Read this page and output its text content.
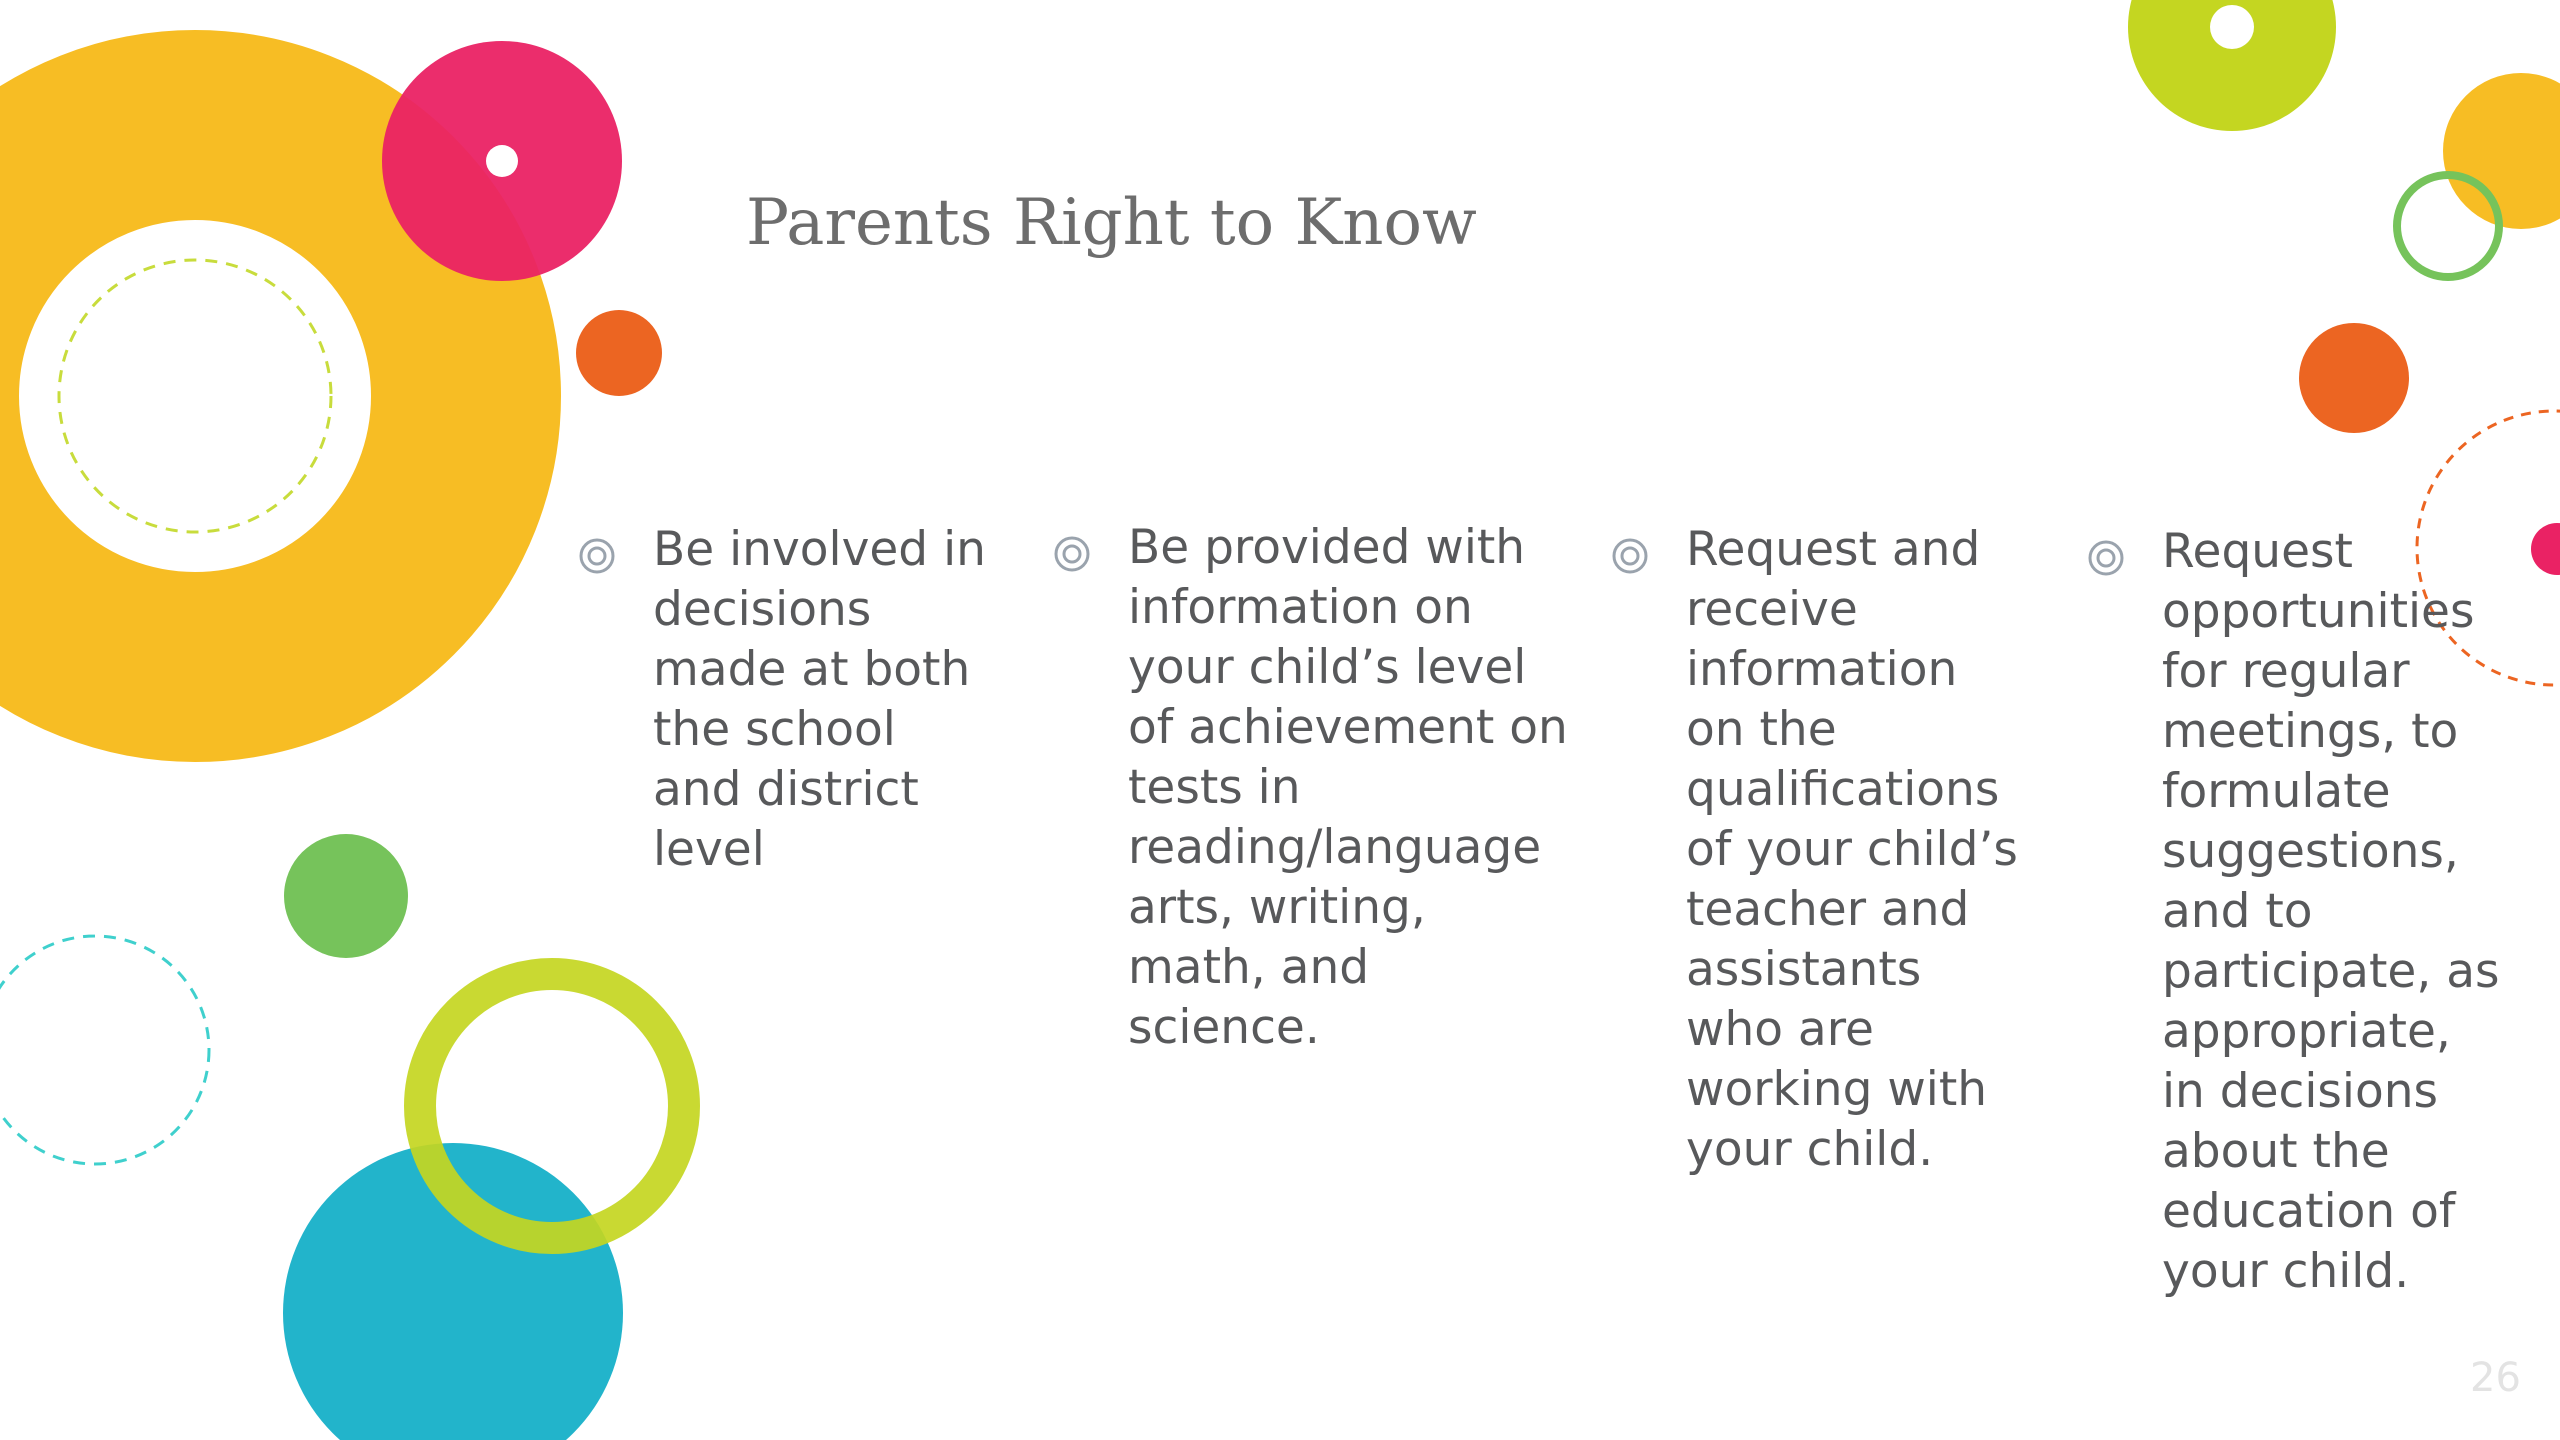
Parents Right to Know

Be involved in
decisions
made at both
the school
and district
level

Be provided with
information on
your child’s level
of achievement on
tests in
reading/language
arts, writing,
math, and
science.

Request and
receive
information
on the
qualifications
of your child’s
teacher and
assistants
who are
working with
your child.

Request
opportunities
for regular
meetings, to
formulate
suggestions,
and to
participate, as
appropriate,
in decisions
about the
education of
your child.

26
